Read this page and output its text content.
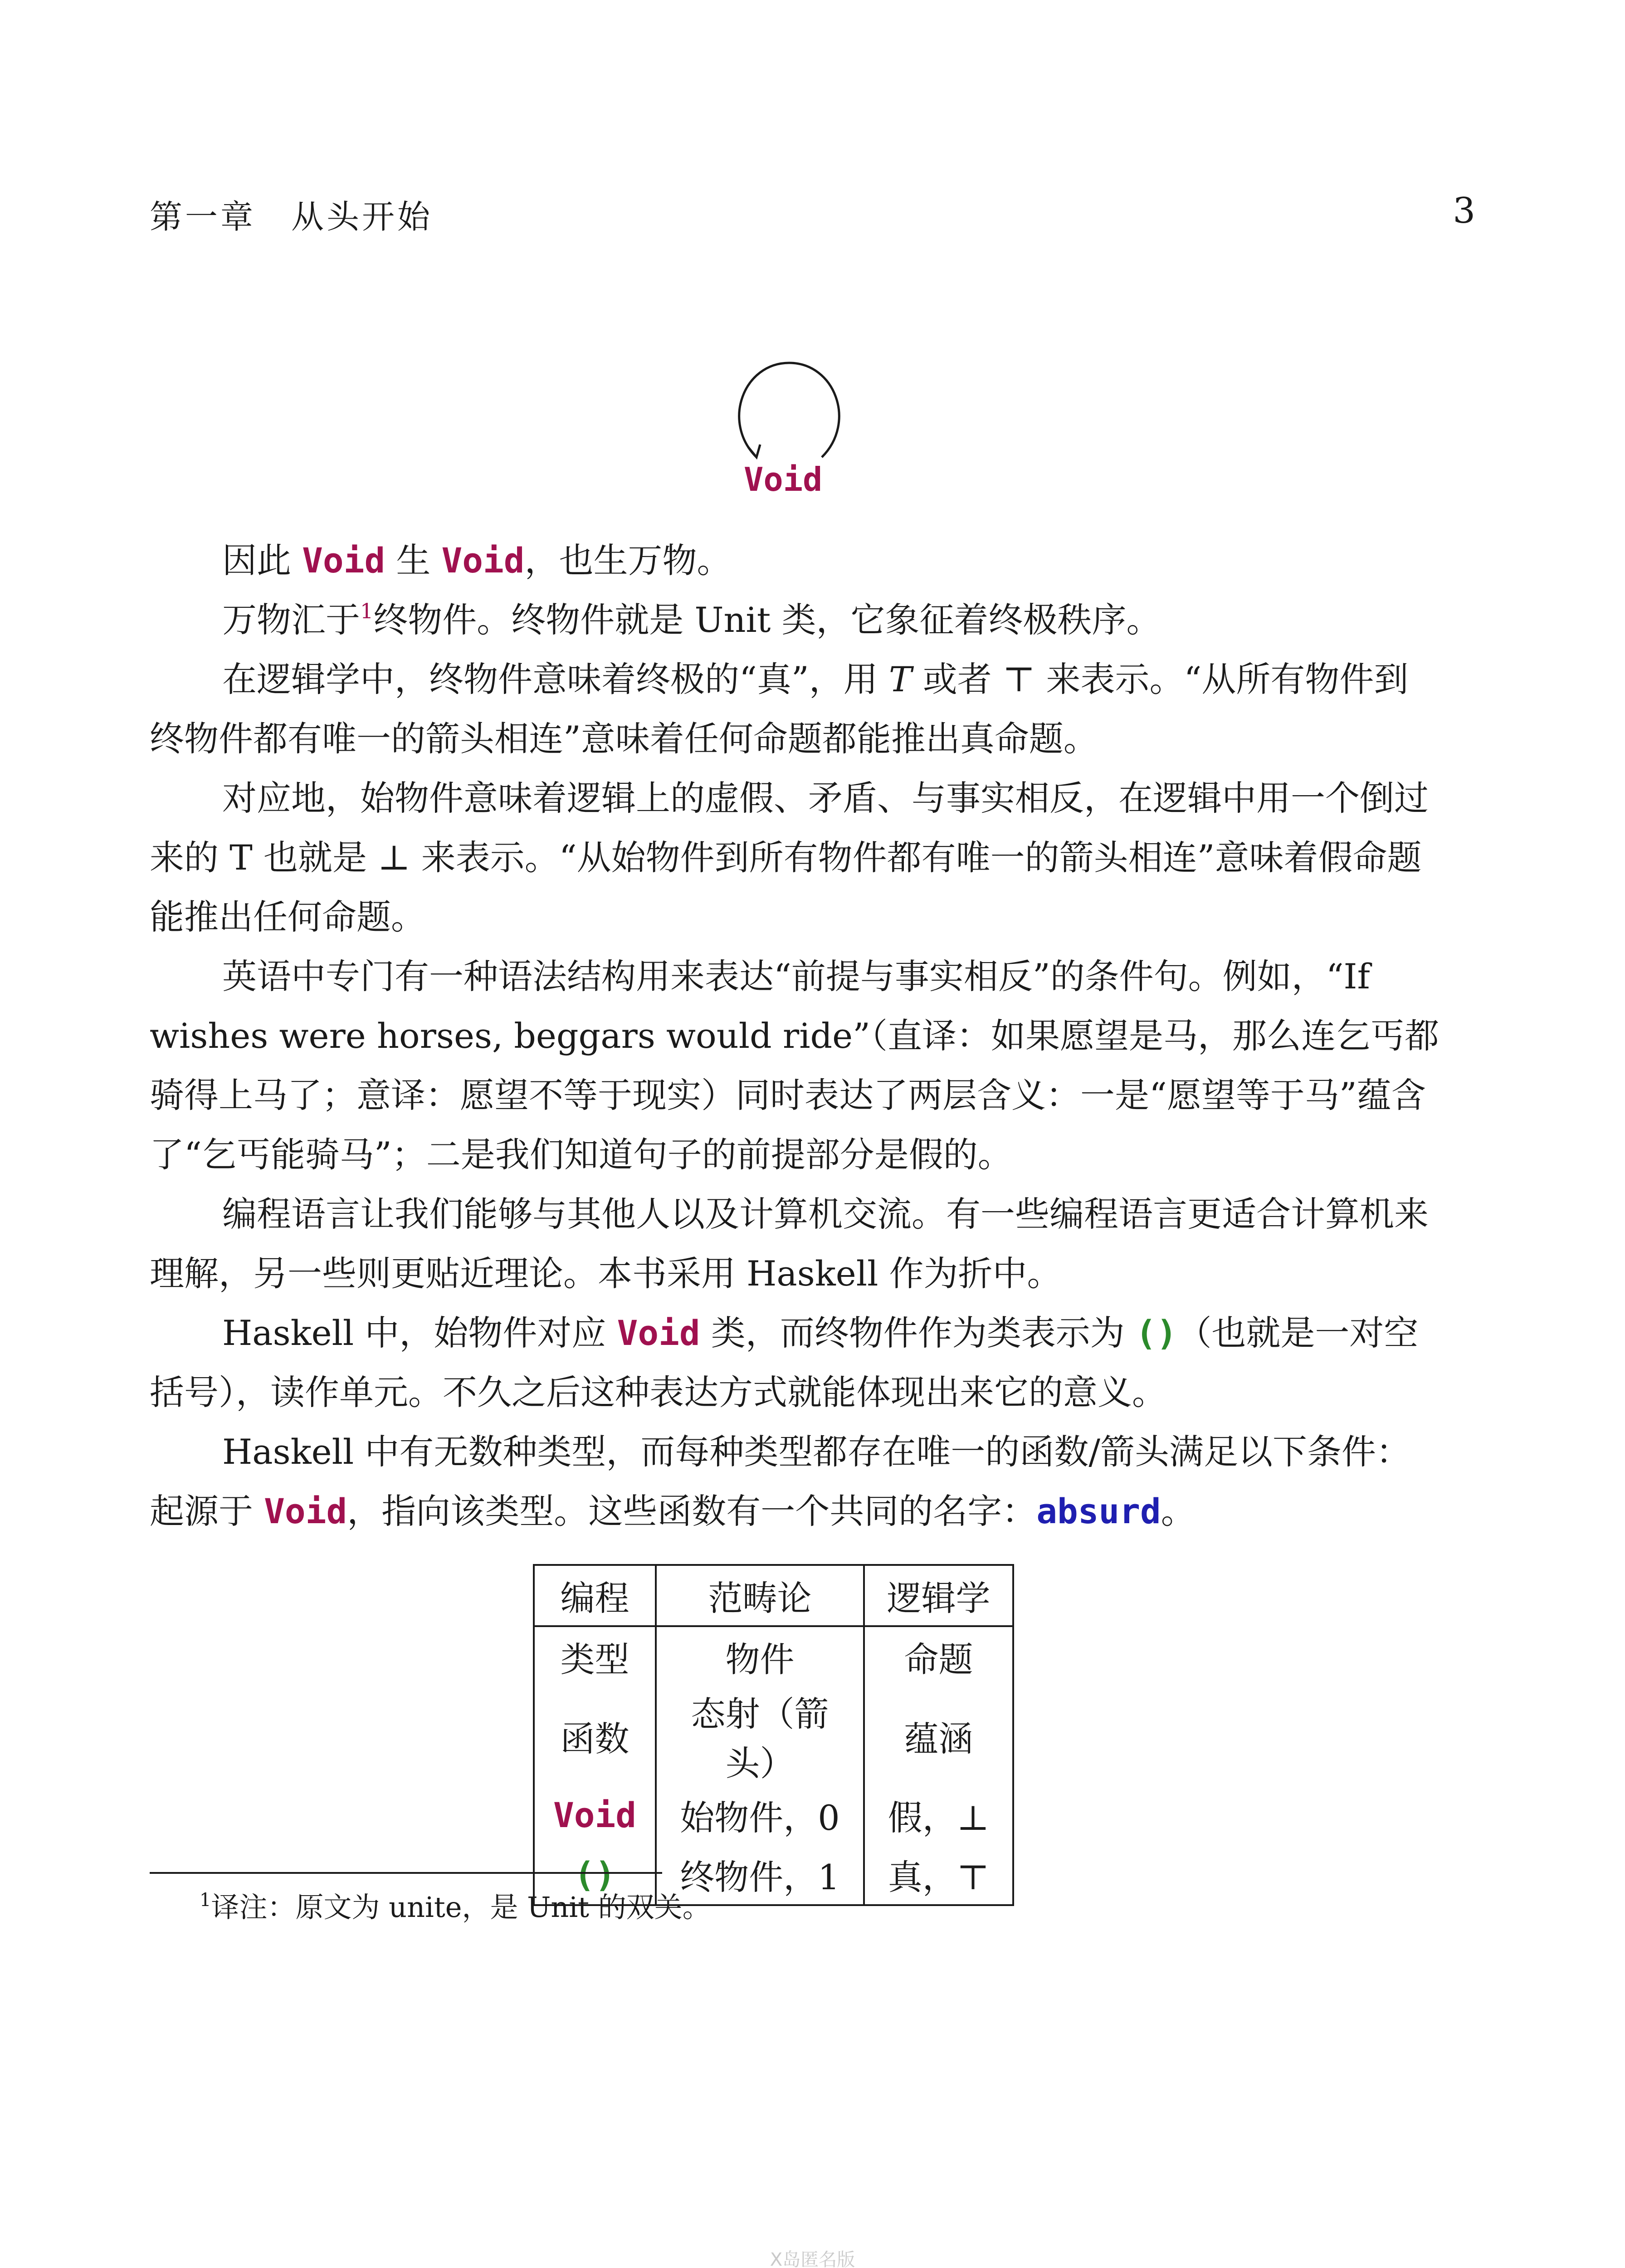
第一章　从头开始	3
Void

因此 Void 生 Void，也生万物。

万物汇于$^1$终物件。终物件就是 Unit 类，它象征着终极秩序。

在逻辑学中，终物件意味着终极的“真”，用 𝑇 或者 ⊤ 来表示。“从所有物件到终物件都有唯一的箭头相连”意味着任何命题都能推出真命题。

对应地，始物件意味着逻辑上的虚假、矛盾、与事实相反，在逻辑中用一个倒过来的 T 也就是 ⊥ 来表示。“从始物件到所有物件都有唯一的箭头相连”意味着假命题能推出任何命题。

英语中专门有一种语法结构用来表达“前提与事实相反”的条件句。例如，“If wishes were horses, beggars would ride”（直译：如果愿望是马，那么连乞丐都骑得上马了；意译：愿望不等于现实）同时表达了两层含义：一是“愿望等于马”蕴含了“乞丐能骑马”；二是我们知道句子的前提部分是假的。

编程语言让我们能够与其他人以及计算机交流。有一些编程语言更适合计算机来理解，另一些则更贴近理论。本书采用 Haskell 作为折中。

Haskell 中，始物件对应 Void 类，而终物件作为类表示为 ()（也就是一对空括号），读作单元。不久之后这种表达方式就能体现出来它的意义。

Haskell 中有无数种类型，而每种类型都存在唯一的函数/箭头满足以下条件：起源于 Void，指向该类型。这些函数有一个共同的名字：absurd。

编程	范畴论	逻辑学
类型	物件	命题
函数	态射（箭头）	蕴涵
Void	始物件，0	假，⊥
()	终物件，1	真，⊤
$^1$译注：原文为 unite，是 Unit 的双关。
X岛匿名版
